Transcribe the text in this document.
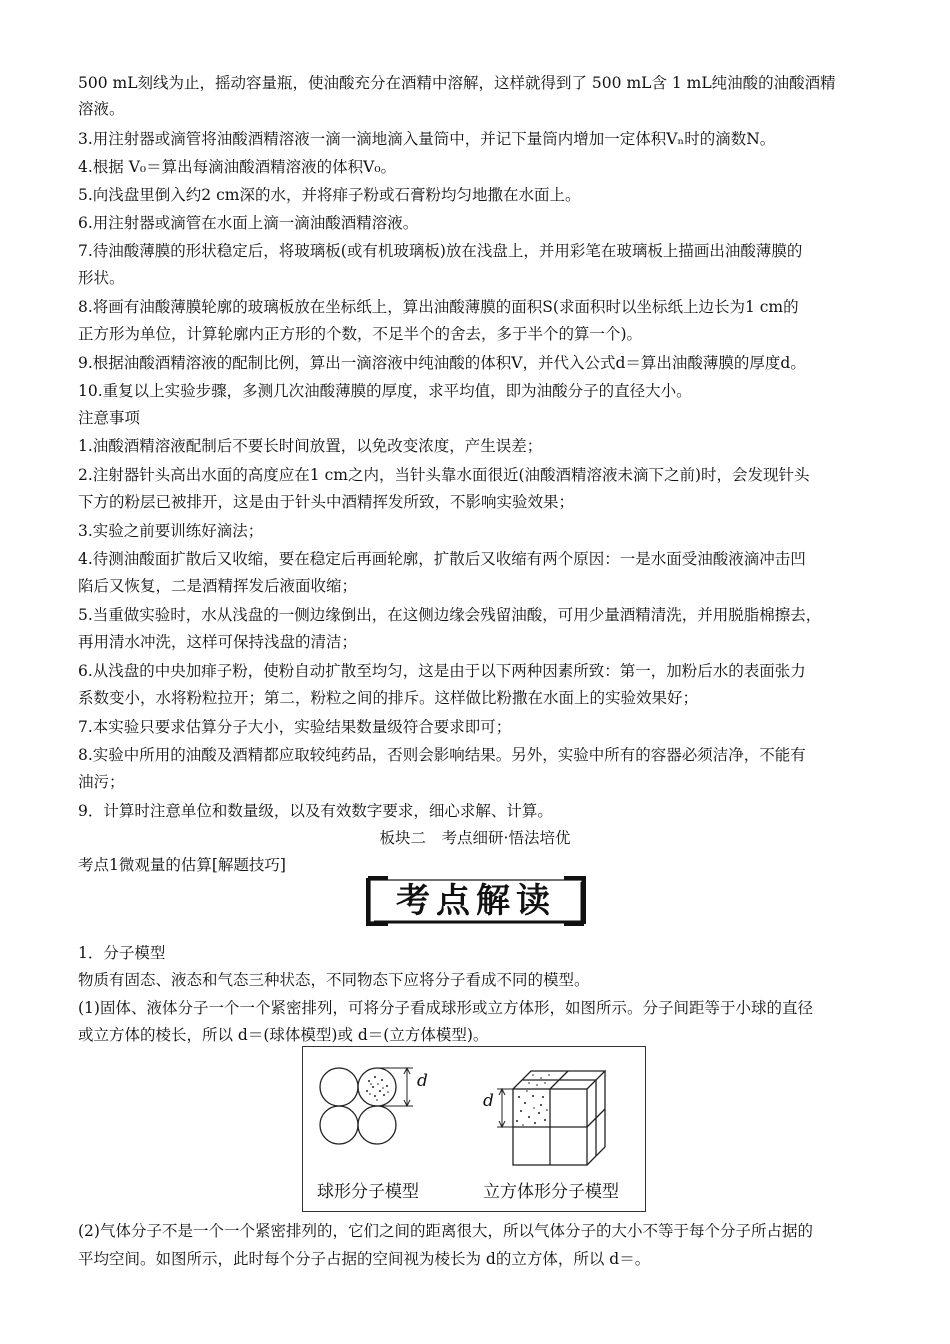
500 mL刻线为止，摇动容量瓶，使油酸充分在酒精中溶解，这样就得到了 500 mL含 1 mL纯油酸的油酸酒精
溶液。
3.用注射器或滴管将油酸酒精溶液一滴一滴地滴入量筒中，并记下量筒内增加一定体积Vₙ时的滴数N。
4.根据 V₀＝算出每滴油酸酒精溶液的体积V₀。
5.向浅盘里倒入约2 cm深的水，并将痱子粉或石膏粉均匀地撒在水面上。
6.用注射器或滴管在水面上滴一滴油酸酒精溶液。
7.待油酸薄膜的形状稳定后，将玻璃板(或有机玻璃板)放在浅盘上，并用彩笔在玻璃板上描画出油酸薄膜的
形状。
8.将画有油酸薄膜轮廓的玻璃板放在坐标纸上，算出油酸薄膜的面积S(求面积时以坐标纸上边长为1 cm的
正方形为单位，计算轮廓内正方形的个数，不足半个的舍去，多于半个的算一个)。
9.根据油酸酒精溶液的配制比例，算出一滴溶液中纯油酸的体积V，并代入公式d＝算出油酸薄膜的厚度d。
10.重复以上实验步骤，多测几次油酸薄膜的厚度，求平均值，即为油酸分子的直径大小。
注意事项
1.油酸酒精溶液配制后不要长时间放置，以免改变浓度，产生误差；
2.注射器针头高出水面的高度应在1 cm之内，当针头靠水面很近(油酸酒精溶液未滴下之前)时，会发现针头
下方的粉层已被排开，这是由于针头中酒精挥发所致，不影响实验效果；
3.实验之前要训练好滴法；
4.待测油酸面扩散后又收缩，要在稳定后再画轮廓，扩散后又收缩有两个原因：一是水面受油酸液滴冲击凹
陷后又恢复，二是酒精挥发后液面收缩；
5.当重做实验时，水从浅盘的一侧边缘倒出，在这侧边缘会残留油酸，可用少量酒精清洗，并用脱脂棉擦去，
再用清水冲洗，这样可保持浅盘的清洁；
6.从浅盘的中央加痱子粉，使粉自动扩散至均匀，这是由于以下两种因素所致：第一，加粉后水的表面张力
系数变小，水将粉粒拉开；第二，粉粒之间的排斥。这样做比粉撒在水面上的实验效果好；
7.本实验只要求估算分子大小，实验结果数量级符合要求即可；
8.实验中所用的油酸及酒精都应取较纯药品，否则会影响结果。另外，实验中所有的容器必须洁净，不能有
油污；
9．计算时注意单位和数量级，以及有效数字要求，细心求解、计算。
板块二　考点细研·悟法培优
考点1微观量的估算[解题技巧]
考点解读
1．分子模型
物质有固态、液态和气态三种状态，不同物态下应将分子看成不同的模型。
(1)固体、液体分子一个一个紧密排列，可将分子看成球形或立方体形，如图所示。分子间距等于小球的直径
或立方体的棱长，所以 d＝(球体模型)或 d＝(立方体模型)。
d
d
球形分子模型	立方体形分子模型
(2)气体分子不是一个一个紧密排列的，它们之间的距离很大，所以气体分子的大小不等于每个分子所占据的
平均空间。如图所示，此时每个分子占据的空间视为棱长为 d的立方体，所以 d＝。
